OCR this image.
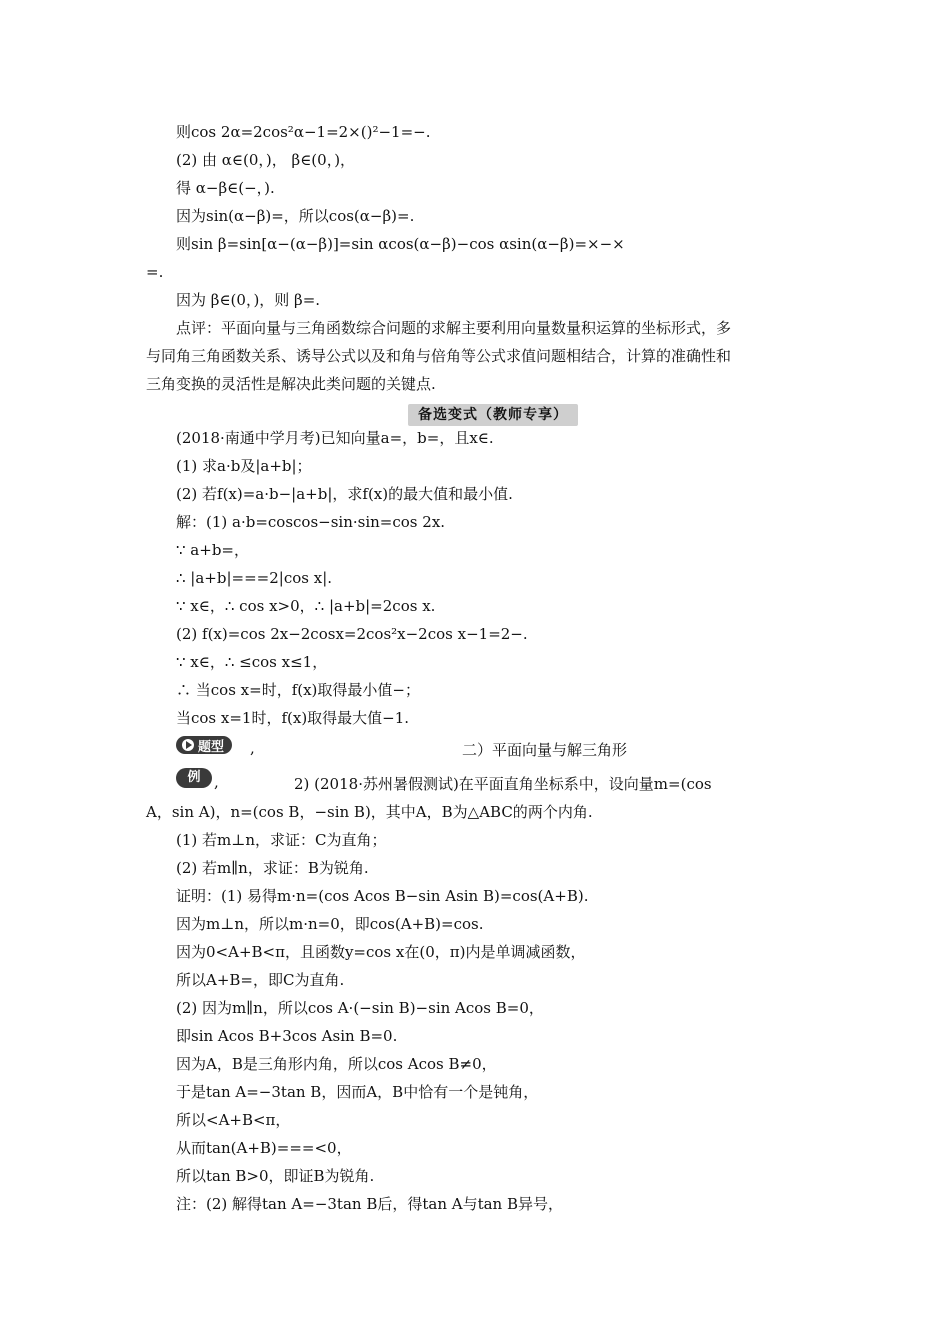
则cos 2α=2cos²α−1=2×()²−1=−.
(2) 由 α∈(0，)， β∈(0，)，
得 α−β∈(−，).
因为sin(α−β)=，所以cos(α−β)=.
则sin β=sin[α−(α−β)]=sin αcos(α−β)−cos αsin(α−β)=×−×
=.
因为 β∈(0，)，则 β=.
点评：平面向量与三角函数综合问题的求解主要利用向量数量积运算的坐标形式，多
与同角三角函数关系、诱导公式以及和角与倍角等公式求值问题相结合，计算的准确性和
三角变换的灵活性是解决此类问题的关键点.
备选变式（教师专享）
(2018·南通中学月考)已知向量a=，b=，且x∈.
(1) 求a·b及|a+b|；
(2) 若f(x)=a·b−|a+b|，求f(x)的最大值和最小值.
解：(1) a·b=coscos−sin·sin=cos 2x.
∵ a+b=，
∴ |a+b|===2|cos x|.
∵ x∈，∴ cos x>0，∴ |a+b|=2cos x.
(2) f(x)=cos 2x−2cosx=2cos²x−2cos x−1=2−.
∵ x∈，∴ ≤cos x≤1，
∴ 当cos x=时，f(x)取得最小值−；
当cos x=1时，f(x)取得最大值−1.
题型 ,	二）平面向量与解三角形
例 ,	2) (2018·苏州暑假测试)在平面直角坐标系中，设向量m=(cos
A，sin A)，n=(cos B，−sin B)，其中A，B为△ABC的两个内角.
(1) 若m⊥n，求证：C为直角；
(2) 若m∥n，求证：B为锐角.
证明：(1) 易得m·n=(cos Acos B−sin Asin B)=cos(A+B).
因为m⊥n，所以m·n=0，即cos(A+B)=cos.
因为0<A+B<π，且函数y=cos x在(0，π)内是单调减函数，
所以A+B=，即C为直角.
(2) 因为m∥n，所以cos A·(−sin B)−sin Acos B=0，
即sin Acos B+3cos Asin B=0.
因为A，B是三角形内角，所以cos Acos B≠0，
于是tan A=−3tan B，因而A，B中恰有一个是钝角，
所以<A+B<π，
从而tan(A+B)===<0，
所以tan B>0，即证B为锐角.
注：(2) 解得tan A=−3tan B后，得tan A与tan B异号，
